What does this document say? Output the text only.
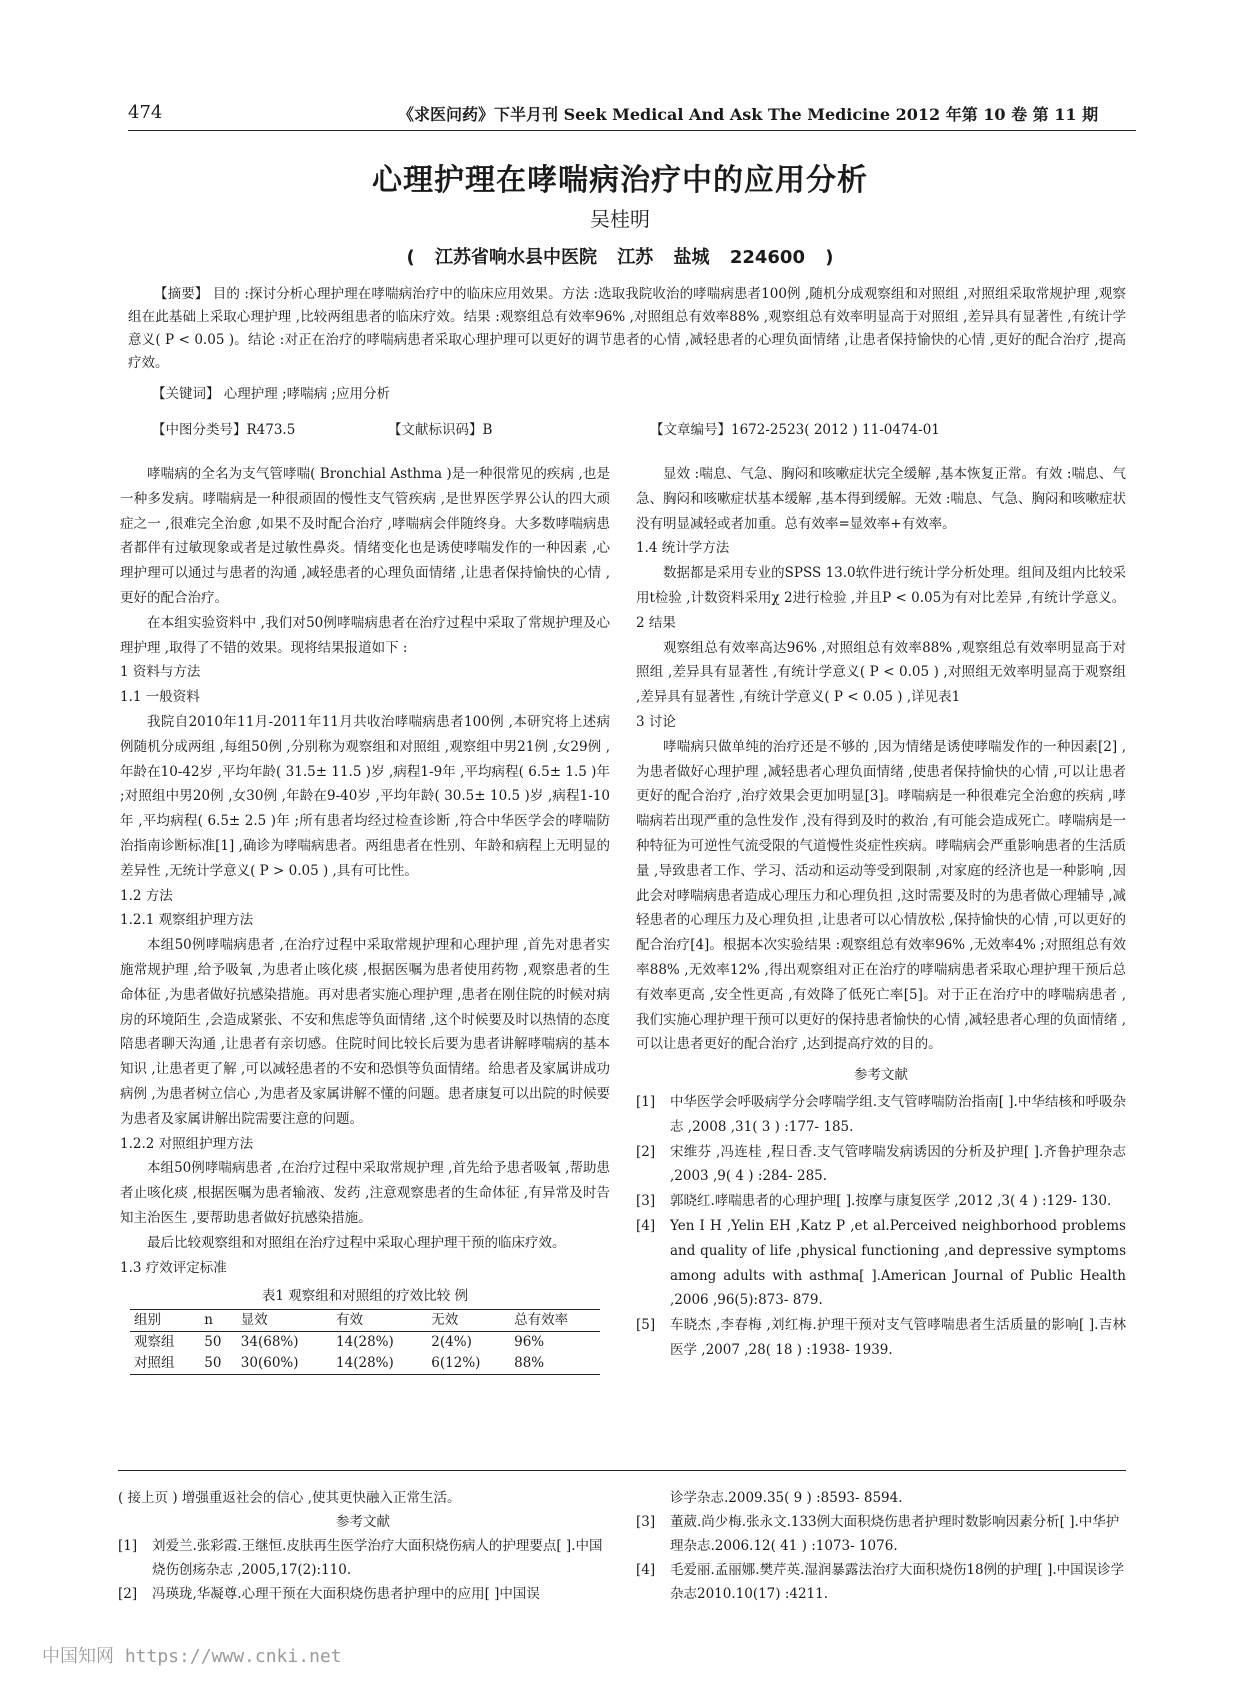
474	《求医问药》下半月刊 Seek Medical And Ask The Medicine 2012 年第 10 卷 第 11 期
心理护理在哮喘病治疗中的应用分析
吴桂明
( 江苏省响水县中医院 江苏 盐城 224600 )
【摘要】 目的 :探讨分析心理护理在哮喘病治疗中的临床应用效果。方法 :选取我院收治的哮喘病患者100例 ,随机分成观察组和对照组 ,对照组采取常规护理 ,观察组在此基础上采取心理护理 ,比较两组患者的临床疗效。结果 :观察组总有效率96% ,对照组总有效率88% ,观察组总有效率明显高于对照组 ,差异具有显著性 ,有统计学意义( P < 0.05 )。结论 :对正在治疗的哮喘病患者采取心理护理可以更好的调节患者的心情 ,减轻患者的心理负面情绪 ,让患者保持愉快的心情 ,更好的配合治疗 ,提高疗效。
【关键词】 心理护理 ;哮喘病 ;应用分析
【中图分类号】R473.5	【文献标识码】B	【文章编号】1672-2523( 2012 ) 11-0474-01

哮喘病的全名为支气管哮喘( Bronchial Asthma )是一种很常见的疾病 ,也是一种多发病。哮喘病是一种很顽固的慢性支气管疾病 ,是世界医学界公认的四大顽症之一 ,很难完全治愈 ,如果不及时配合治疗 ,哮喘病会伴随终身。大多数哮喘病患者都伴有过敏现象或者是过敏性鼻炎。情绪变化也是诱使哮喘发作的一种因素 ,心理护理可以通过与患者的沟通 ,减轻患者的心理负面情绪 ,让患者保持愉快的心情 ,更好的配合治疗。

在本组实验资料中 ,我们对50例哮喘病患者在治疗过程中采取了常规护理及心理护理 ,取得了不错的效果。现将结果报道如下 :

1 资料与方法

1.1 一般资料

我院自2010年11月-2011年11月共收治哮喘病患者100例 ,本研究将上述病例随机分成两组 ,每组50例 ,分别称为观察组和对照组 ,观察组中男21例 ,女29例 ,年龄在10-42岁 ,平均年龄( 31.5± 11.5 )岁 ,病程1-9年 ,平均病程( 6.5± 1.5 )年 ;对照组中男20例 ,女30例 ,年龄在9-40岁 ,平均年龄( 30.5± 10.5 )岁 ,病程1-10年 ,平均病程( 6.5± 2.5 )年 ;所有患者均经过检查诊断 ,符合中华医学会的哮喘防治指南诊断标准[1] ,确诊为哮喘病患者。两组患者在性别、年龄和病程上无明显的差异性 ,无统计学意义( P > 0.05 ) ,具有可比性。

1.2 方法

1.2.1 观察组护理方法

本组50例哮喘病患者 ,在治疗过程中采取常规护理和心理护理 ,首先对患者实施常规护理 ,给予吸氧 ,为患者止咳化痰 ,根据医嘱为患者使用药物 ,观察患者的生命体征 ,为患者做好抗感染措施。再对患者实施心理护理 ,患者在刚住院的时候对病房的环境陌生 ,会造成紧张、不安和焦虑等负面情绪 ,这个时候要及时以热情的态度陪患者聊天沟通 ,让患者有亲切感。住院时间比较长后要为患者讲解哮喘病的基本知识 ,让患者更了解 ,可以减轻患者的不安和恐惧等负面情绪。给患者及家属讲成功病例 ,为患者树立信心 ,为患者及家属讲解不懂的问题。患者康复可以出院的时候要为患者及家属讲解出院需要注意的问题。

1.2.2 对照组护理方法

本组50例哮喘病患者 ,在治疗过程中采取常规护理 ,首先给予患者吸氧 ,帮助患者止咳化痰 ,根据医嘱为患者输液、发药 ,注意观察患者的生命体征 ,有异常及时告知主治医生 ,要帮助患者做好抗感染措施。

最后比较观察组和对照组在治疗过程中采取心理护理干预的临床疗效。

1.3 疗效评定标准

表1 观察组和对照组的疗效比较 例

组别	n	显效	有效	无效	总有效率
观察组	50	34(68%)	14(28%)	2(4%)	96%
对照组	50	30(60%)	14(28%)	6(12%)	88%

显效 :喘息、气急、胸闷和咳嗽症状完全缓解 ,基本恢复正常。有效 :喘息、气急、胸闷和咳嗽症状基本缓解 ,基本得到缓解。无效 :喘息、气急、胸闷和咳嗽症状没有明显减轻或者加重。总有效率=显效率+有效率。

1.4 统计学方法

数据都是采用专业的SPSS 13.0软件进行统计学分析处理。组间及组内比较采用t检验 ,计数资料采用χ 2进行检验 ,并且P < 0.05为有对比差异 ,有统计学意义。

2 结果

观察组总有效率高达96% ,对照组总有效率88% ,观察组总有效率明显高于对照组 ,差异具有显著性 ,有统计学意义( P < 0.05 ) ,对照组无效率明显高于观察组 ,差异具有显著性 ,有统计学意义( P < 0.05 ) ,详见表1

3 讨论

哮喘病只做单纯的治疗还是不够的 ,因为情绪是诱使哮喘发作的一种因素[2] ,为患者做好心理护理 ,减轻患者心理负面情绪 ,使患者保持愉快的心情 ,可以让患者更好的配合治疗 ,治疗效果会更加明显[3]。哮喘病是一种很难完全治愈的疾病 ,哮喘病若出现严重的急性发作 ,没有得到及时的救治 ,有可能会造成死亡。哮喘病是一种特征为可逆性气流受限的气道慢性炎症性疾病。哮喘病会严重影响患者的生活质量 ,导致患者工作、学习、活动和运动等受到限制 ,对家庭的经济也是一种影响 ,因此会对哮喘病患者造成心理压力和心理负担 ,这时需要及时的为患者做心理辅导 ,减轻患者的心理压力及心理负担 ,让患者可以心情放松 ,保持愉快的心情 ,可以更好的配合治疗[4]。根据本次实验结果 :观察组总有效率96% ,无效率4% ;对照组总有效率88% ,无效率12% ,得出观察组对正在治疗的哮喘病患者采取心理护理干预后总有效率更高 ,安全性更高 ,有效降了低死亡率[5]。对于正在治疗中的哮喘病患者 ,我们实施心理护理干预可以更好的保持患者愉快的心情 ,减轻患者心理的负面情绪 ,可以让患者更好的配合治疗 ,达到提高疗效的目的。

参考文献

[1]	中华医学会呼吸病学分会哮喘学组.支气管哮喘防治指南[ ].中华结核和呼吸杂志 ,2008 ,31( 3 ) :177- 185.
[2]	宋维芬 ,冯连桂 ,程日香.支气管哮喘发病诱因的分析及护理[ ].齐鲁护理杂志 ,2003 ,9( 4 ) :284- 285.
[3]	郭晓红.哮喘患者的心理护理[ ].按摩与康复医学 ,2012 ,3( 4 ) :129- 130.
[4]	Yen I H ,Yelin EH ,Katz P ,et al.Perceived neighborhood problems and quality of life ,physical functioning ,and depressive symptoms among adults with asthma[ ].American Journal of Public Health ,2006 ,96(5):873- 879.
[5]	车晓杰 ,李春梅 ,刘红梅.护理干预对支气管哮喘患者生活质量的影响[ ].吉林医学 ,2007 ,28( 18 ) :1938- 1939.

( 接上页 ) 增强重返社会的信心 ,使其更快融入正常生活。

参考文献

[1]	刘爱兰.张彩霞.王继恒.皮肤再生医学治疗大面积烧伤病人的护理要点[ ].中国烧伤创疡杂志 ,2005,17(2):110.
[2]	冯瑛珑,华凝尊.心理干预在大面积烧伤患者护理中的应用[ ]中国误

诊学杂志.2009.35( 9 ) :8593- 8594.

[3]	董葳.尚少梅.张永文.133例大面积烧伤患者护理时数影响因素分析[ ].中华护理杂志.2006.12( 41 ) :1073- 1076.
[4]	毛爱丽.孟丽娜.樊芹英.湿润暴露法治疗大面积烧伤18例的护理[ ].中国误诊学杂志2010.10(17) :4211.
中国知网 https://www.cnki.net
